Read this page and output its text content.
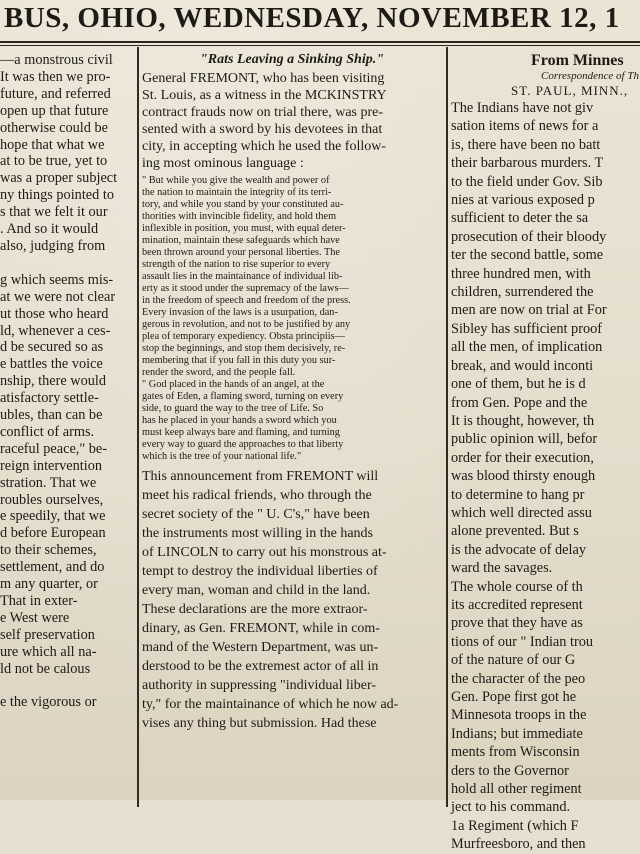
BUS, OHIO, WEDNESDAY, NOVEMBER 12, 1
—a monstrous civil
It was then we pro-
future, and referred
open up that future
otherwise could be
hope that what we
at to be true, yet to
was a proper subject
ny things pointed to
s that we felt it our
. And so it would
also, judging from

g which seems mis-
at we were not clear
ut those who heard
ld, whenever a ces-
d be secured so as
e battles the voice
nship, there would
atisfactory settle-
ubles, than can be
conflict of arms.
raceful peace," be-
reign intervention
stration. That we
roubles ourselves,
e speedily, that we
d before European
to their schemes,
settlement, and do
m any quarter, or
That in exter-
e West were
self preservation
ure which all na-
ld not be calous

e the vigorous or

"Rats Leaving a Sinking Ship."
General FREMONT, who has been visiting
St. Louis, as a witness in the MCKINSTRY
contract frauds now on trial there, was pre-
sented with a sword by his devotees in that
city, in accepting which he used the follow-
ing most ominous language :
" But while you give the wealth and power of
the nation to maintain the integrity of its terri-
tory, and while you stand by your constituted au-
thorities with invincible fidelity, and hold them
inflexible in position, you must, with equal deter-
mination, maintain these safeguards which have
been thrown around your personal liberties. The
strength of the nation to rise superior to every
assault lies in the maintainance of individual lib-
erty as it stood under the supremacy of the laws—
in the freedom of speech and freedom of the press.
Every invasion of the laws is a usurpation, dan-
gerous in revolution, and not to be justified by any
plea of temporary expediency. Obsta principiis—
stop the beginnings, and stop them decisively, re-
membering that if you fall in this duty you sur-
render the sword, and the people fall.
" God placed in the hands of an angel, at the
gates of Eden, a flaming sword, turning on every
side, to guard the way to the tree of Life. So
has he placed in your hands a sword which you
must keep always bare and flaming, and turning
every way to guard the approaches to that liberty
which is the tree of your national life."
This announcement from FREMONT will
meet his radical friends, who through the
secret society of the " U. C's," have been
the instruments most willing in the hands
of LINCOLN to carry out his monstrous at-
tempt to destroy the individual liberties of
every man, woman and child in the land.
These declarations are the more extraor-
dinary, as Gen. FREMONT, while in com-
mand of the Western Department, was un-
derstood to be the extremest actor of all in
authority in suppressing "individual liber-
ty," for the maintainance of which he now ad-
vises any thing but submission. Had these
From Minnes
Correspondence of Th
ST. PAUL, MINN.,
The Indians have not giv
sation items of news for a
is, there have been no batt
their barbarous murders. T
to the field under Gov. Sib
nies at various exposed p
sufficient to deter the sa
prosecution of their bloody
ter the second battle, some
three hundred men, with
children, surrendered the
men are now on trial at For
Sibley has sufficient proof
all the men, of implication
break, and would inconti
one of them, but he is d
from Gen. Pope and the
It is thought, however, th
public opinion will, befor
order for their execution,
was blood thirsty enough
to determine to hang pr
which well directed assu
alone prevented. But s
is the advocate of delay
ward the savages.
The whole course of th
its accredited represent
prove that they have as
tions of our " Indian trou
of the nature of our G
the character of the peo
Gen. Pope first got he
Minnesota troops in the
Indians; but immediate
ments from Wisconsin
ders to the Governor
hold all other regiment
ject to his command.
1a Regiment (which F
Murfreesboro, and then
